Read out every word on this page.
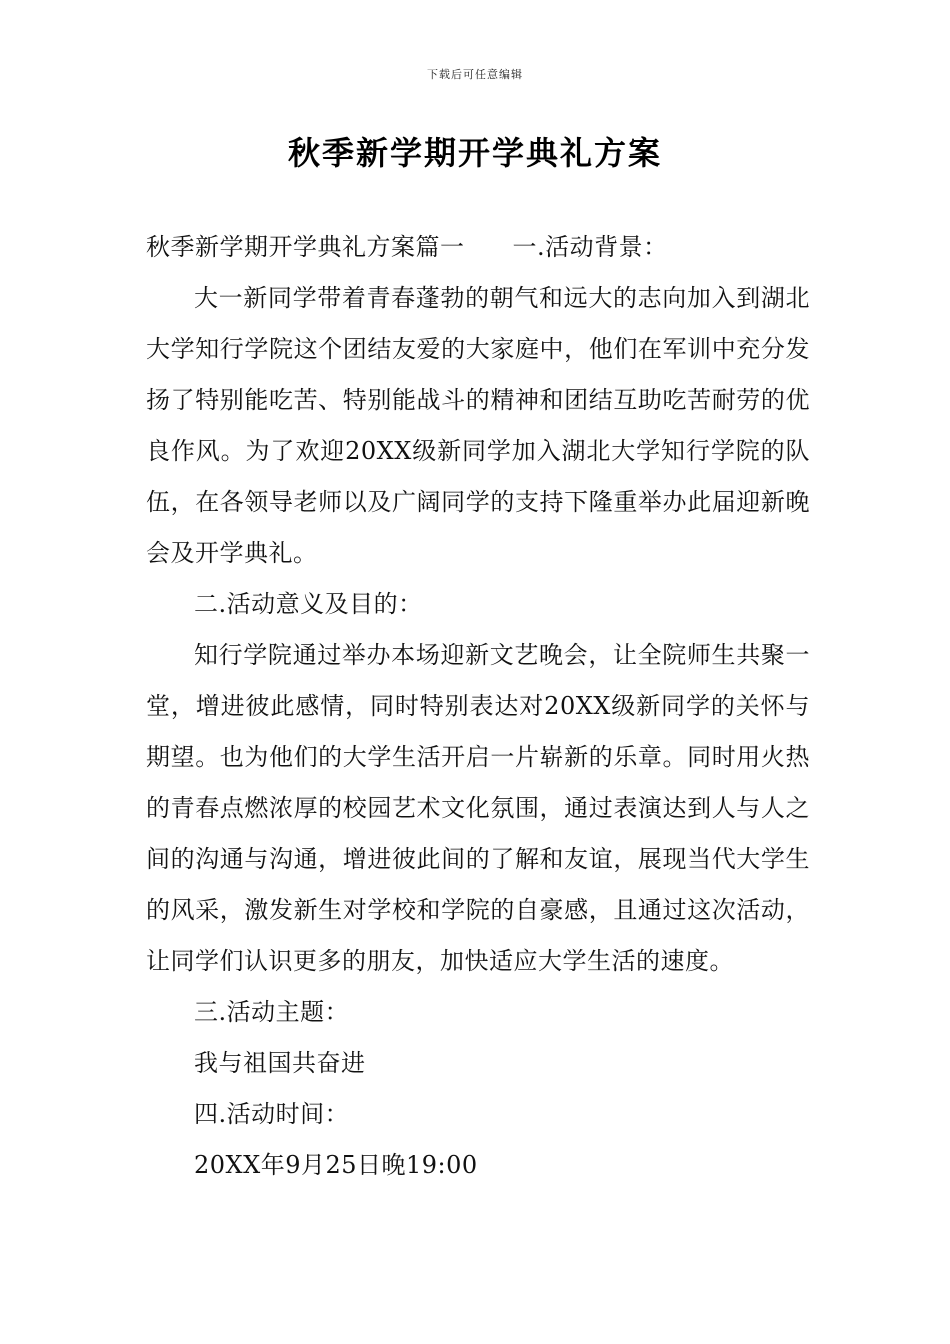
下载后可任意编辑
秋季新学期开学典礼方案

秋季新学期开学典礼方案篇一 一.活动背景：

大一新同学带着青春蓬勃的朝气和远大的志向加入到湖北大学知行学院这个团结友爱的大家庭中，他们在军训中充分发扬了特别能吃苦、特别能战斗的精神和团结互助吃苦耐劳的优良作风。为了欢迎20XX级新同学加入湖北大学知行学院的队伍，在各领导老师以及广阔同学的支持下隆重举办此届迎新晚会及开学典礼。

二.活动意义及目的：

知行学院通过举办本场迎新文艺晚会，让全院师生共聚一堂，增进彼此感情，同时特别表达对20XX级新同学的关怀与期望。也为他们的大学生活开启一片崭新的乐章。同时用火热的青春点燃浓厚的校园艺术文化氛围，通过表演达到人与人之间的沟通与沟通，增进彼此间的了解和友谊，展现当代大学生的风采，激发新生对学校和学院的自豪感，且通过这次活动，让同学们认识更多的朋友，加快适应大学生活的速度。

三.活动主题：

我与祖国共奋进

四.活动时间：

20XX年9月25日晚19:00
